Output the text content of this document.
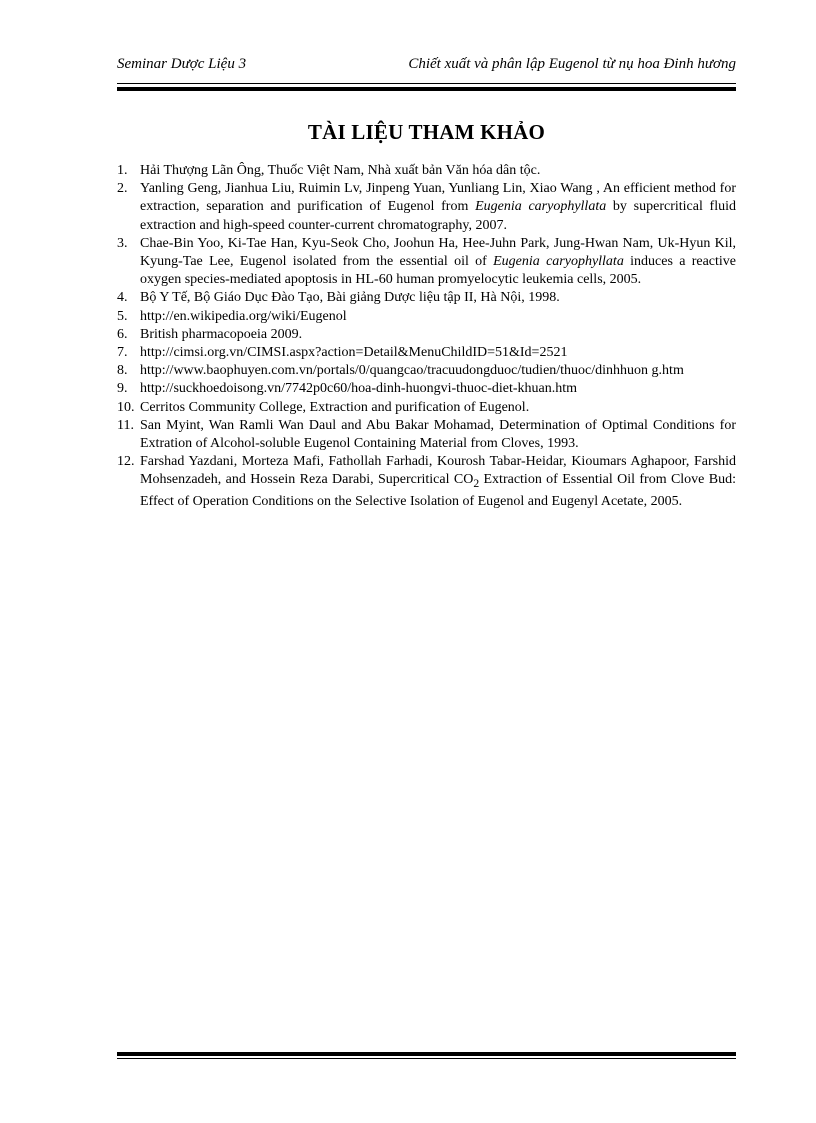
Seminar Dược Liệu 3	Chiết xuất và phân lập Eugenol từ nụ hoa Đinh hương
TÀI LIỆU THAM KHẢO
1. Hải Thượng Lãn Ông, Thuốc Việt Nam, Nhà xuất bản Văn hóa dân tộc.
2. Yanling Geng, Jianhua Liu, Ruimin Lv, Jinpeng Yuan, Yunliang Lin, Xiao Wang , An efficient method for extraction, separation and purification of Eugenol from Eugenia caryophyllata by supercritical fluid extraction and high-speed counter-current chromatography, 2007.
3. Chae-Bin Yoo, Ki-Tae Han, Kyu-Seok Cho, Joohun Ha, Hee-Juhn Park, Jung-Hwan Nam, Uk-Hyun Kil, Kyung-Tae Lee, Eugenol isolated from the essential oil of Eugenia caryophyllata induces a reactive oxygen species-mediated apoptosis in HL-60 human promyelocytic leukemia cells, 2005.
4. Bộ Y Tế, Bộ Giáo Dục Đào Tạo, Bài giảng Dược liệu tập II, Hà Nội, 1998.
5. http://en.wikipedia.org/wiki/Eugenol
6. British pharmacopoeia 2009.
7. http://cimsi.org.vn/CIMSI.aspx?action=Detail&MenuChildID=51&Id=2521
8. http://www.baophuyen.com.vn/portals/0/quangcao/tracuudongduoc/tudien/thuoc/dinhhuon g.htm
9. http://suckhoedoisong.vn/7742p0c60/hoa-dinh-huongvi-thuoc-diet-khuan.htm
10. Cerritos Community College, Extraction and purification of Eugenol.
11. San Myint, Wan Ramli Wan Daul and Abu Bakar Mohamad, Determination of Optimal Conditions for Extration of Alcohol-soluble Eugenol Containing Material from Cloves, 1993.
12. Farshad Yazdani, Morteza Mafi, Fathollah Farhadi, Kourosh Tabar-Heidar, Kioumars Aghapoor, Farshid Mohsenzadeh, and Hossein Reza Darabi, Supercritical $CO_2$ Extraction of Essential Oil from Clove Bud: Effect of Operation Conditions on the Selective Isolation of Eugenol and Eugenyl Acetate, 2005.
